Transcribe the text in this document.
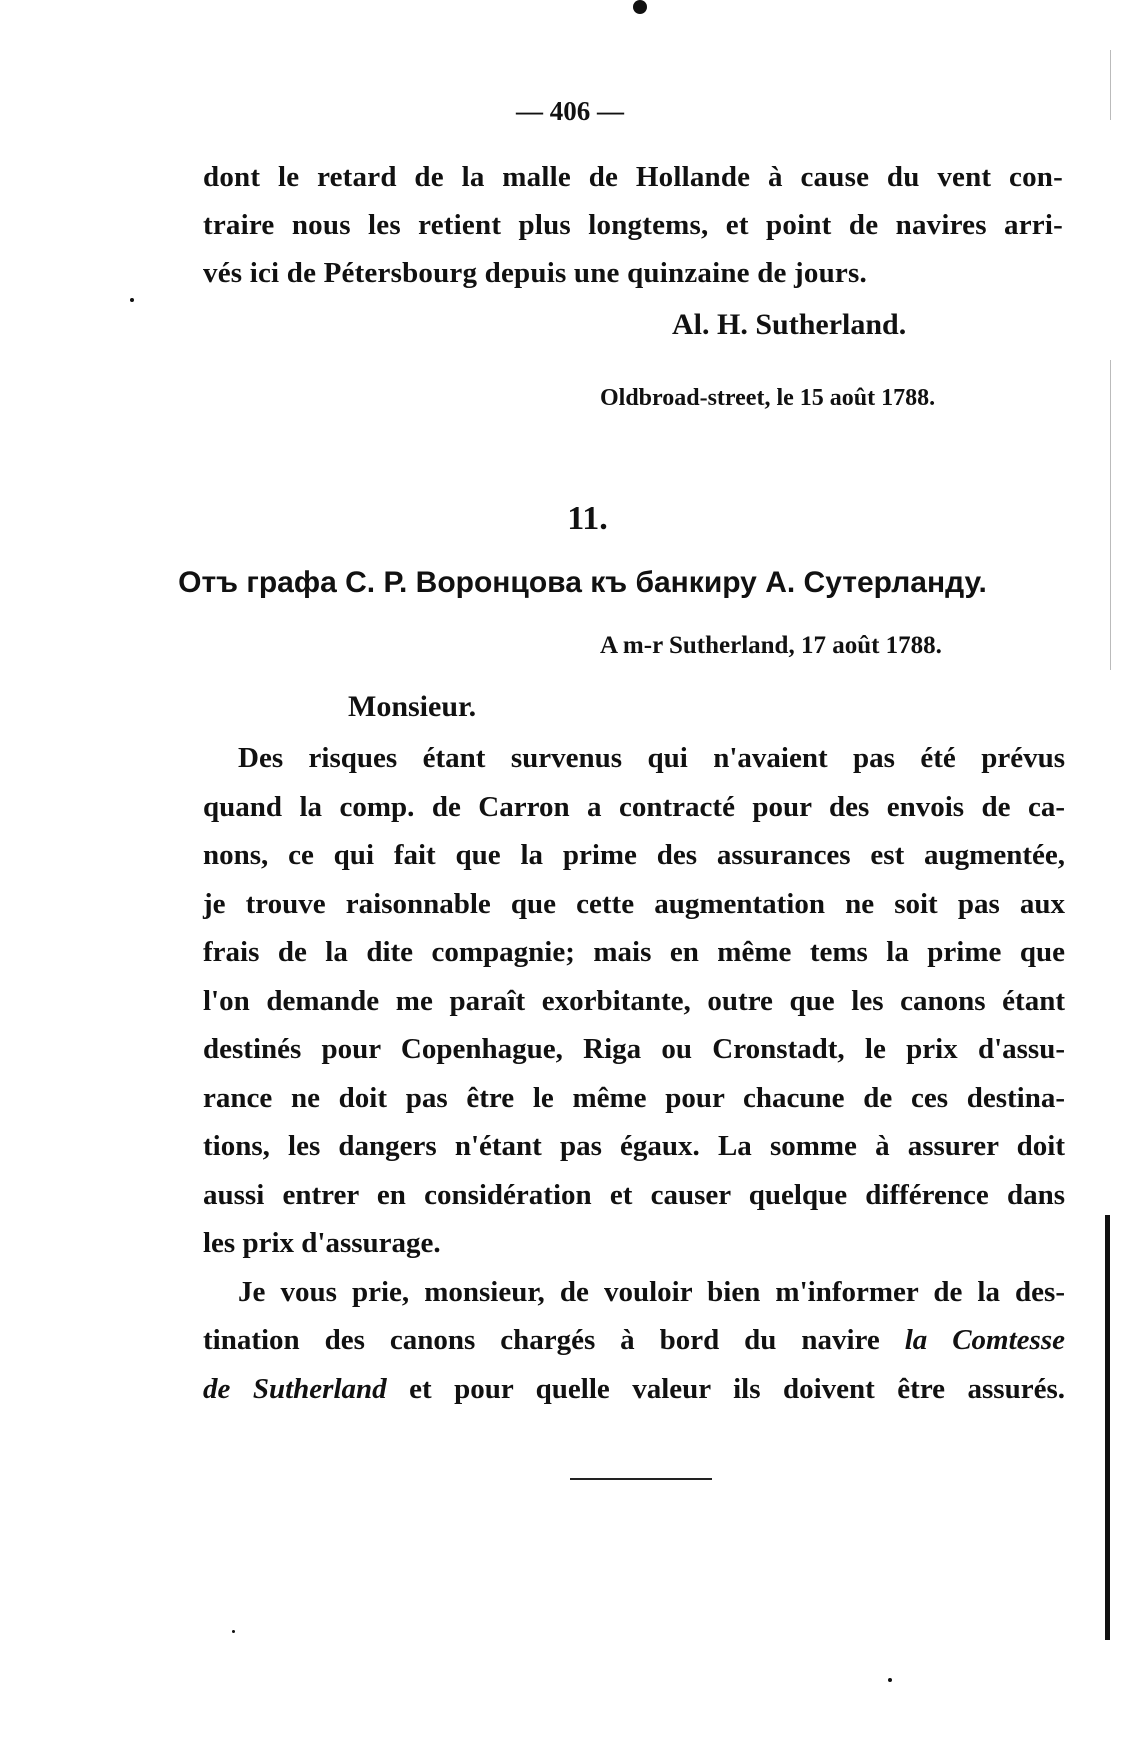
— 406 —
dont le retard de la malle de Hollande à cause du vent con-
traire nous les retient plus longtems, et point de navires arri-
vés ici de Pétersbourg depuis une quinzaine de jours.
Al. H. Sutherland.
Oldbroad-street, le 15 août 1788.
11.
Отъ графа С. Р. Воронцова къ банкиру А. Сутерланду.
A m-r Sutherland, 17 août 1788.
Monsieur.
Des risques étant survenus qui n'avaient pas été prévus
quand la comp. de Carron a contracté pour des envois de ca-
nons, ce qui fait que la prime des assurances est augmentée,
je trouve raisonnable que cette augmentation ne soit pas aux
frais de la dite compagnie; mais en même tems la prime que
l'on demande me paraît exorbitante, outre que les canons étant
destinés pour Copenhague, Riga ou Cronstadt, le prix d'assu-
rance ne doit pas être le même pour chacune de ces destina-
tions, les dangers n'étant pas égaux. La somme à assurer doit
aussi entrer en considération et causer quelque différence dans
les prix d'assurage.
Je vous prie, monsieur, de vouloir bien m'informer de la des-
tination des canons chargés à bord du navire la Comtesse
de Sutherland et pour quelle valeur ils doivent être assurés.
